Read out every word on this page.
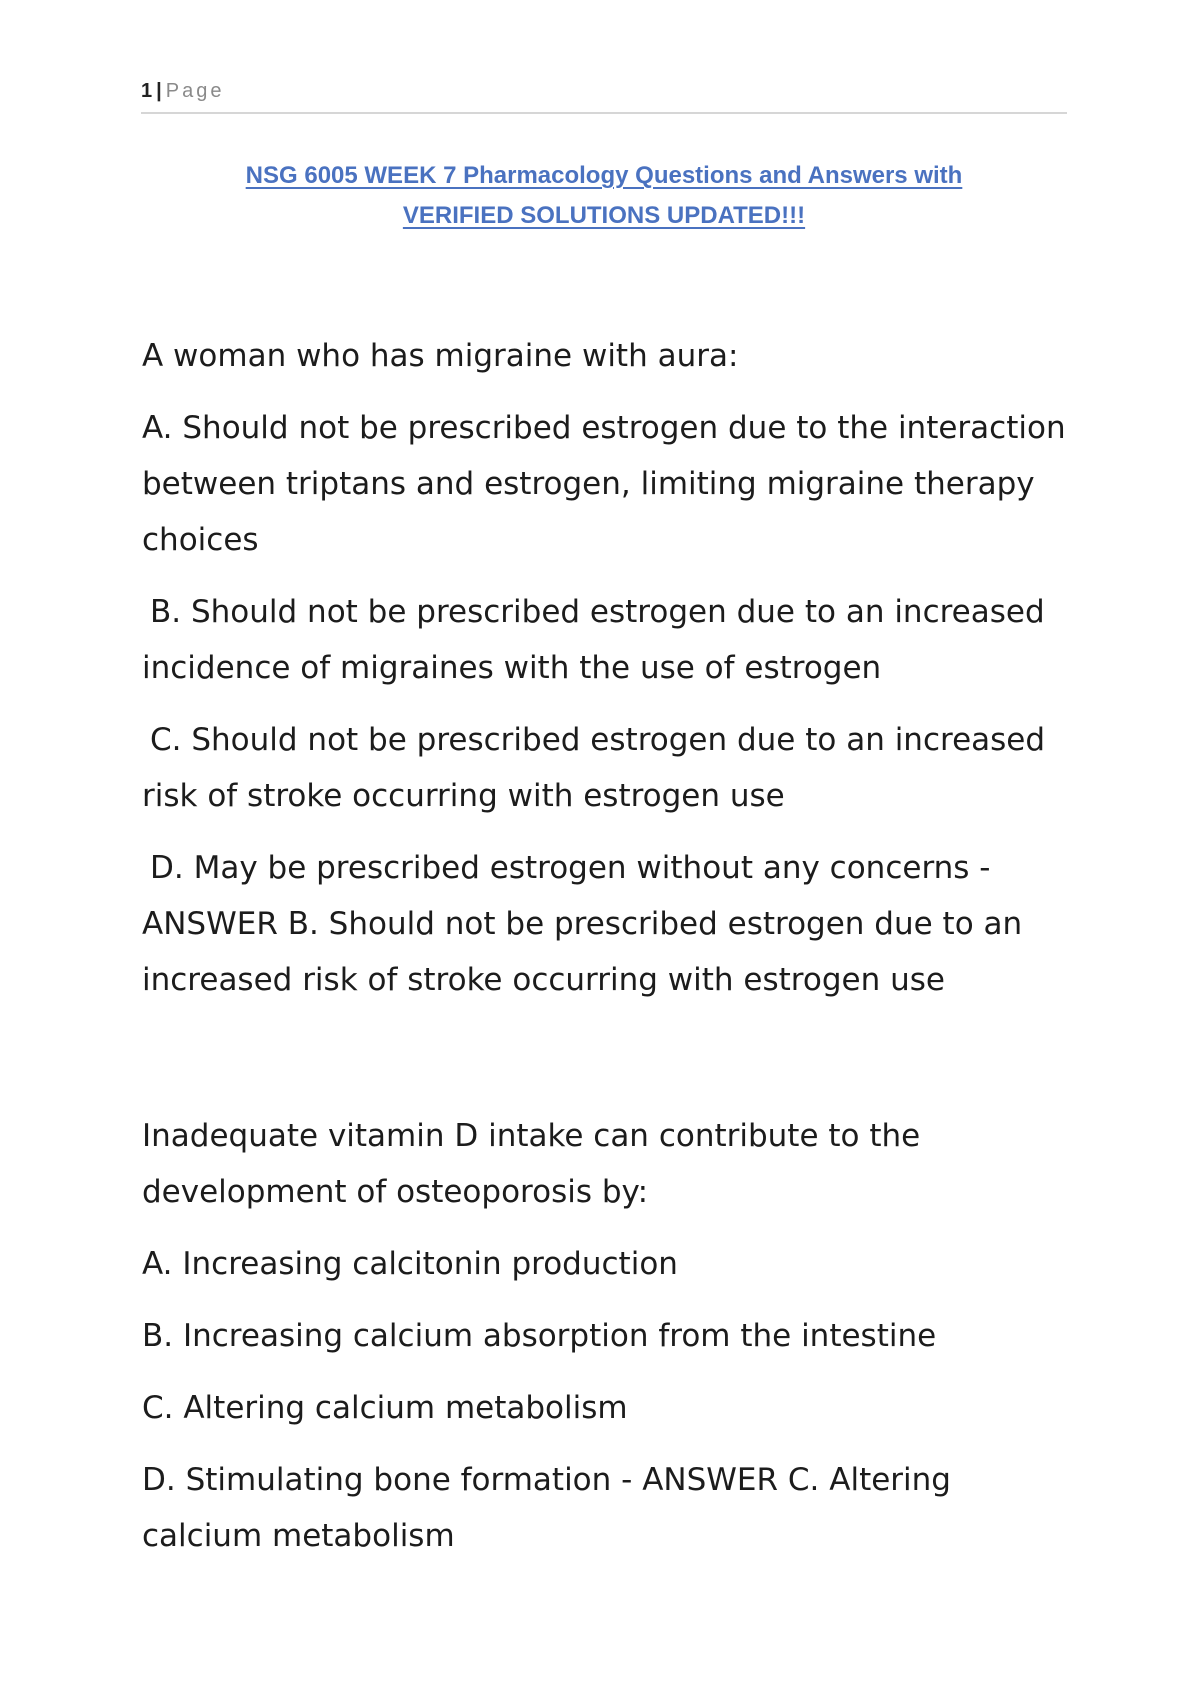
1 | Page
NSG 6005 WEEK 7 Pharmacology Questions and Answers with
VERIFIED SOLUTIONS UPDATED!!!

A woman who has migraine with aura:

A. Should not be prescribed estrogen due to the interaction between triptans and estrogen, limiting migraine therapy choices

B. Should not be prescribed estrogen due to an increased incidence of migraines with the use of estrogen

C. Should not be prescribed estrogen due to an increased risk of stroke occurring with estrogen use

D. May be prescribed estrogen without any concerns - ANSWER B. Should not be prescribed estrogen due to an increased risk of stroke occurring with estrogen use

Inadequate vitamin D intake can contribute to the development of osteoporosis by:

A. Increasing calcitonin production

B. Increasing calcium absorption from the intestine

C. Altering calcium metabolism

D. Stimulating bone formation - ANSWER C. Altering calcium metabolism
